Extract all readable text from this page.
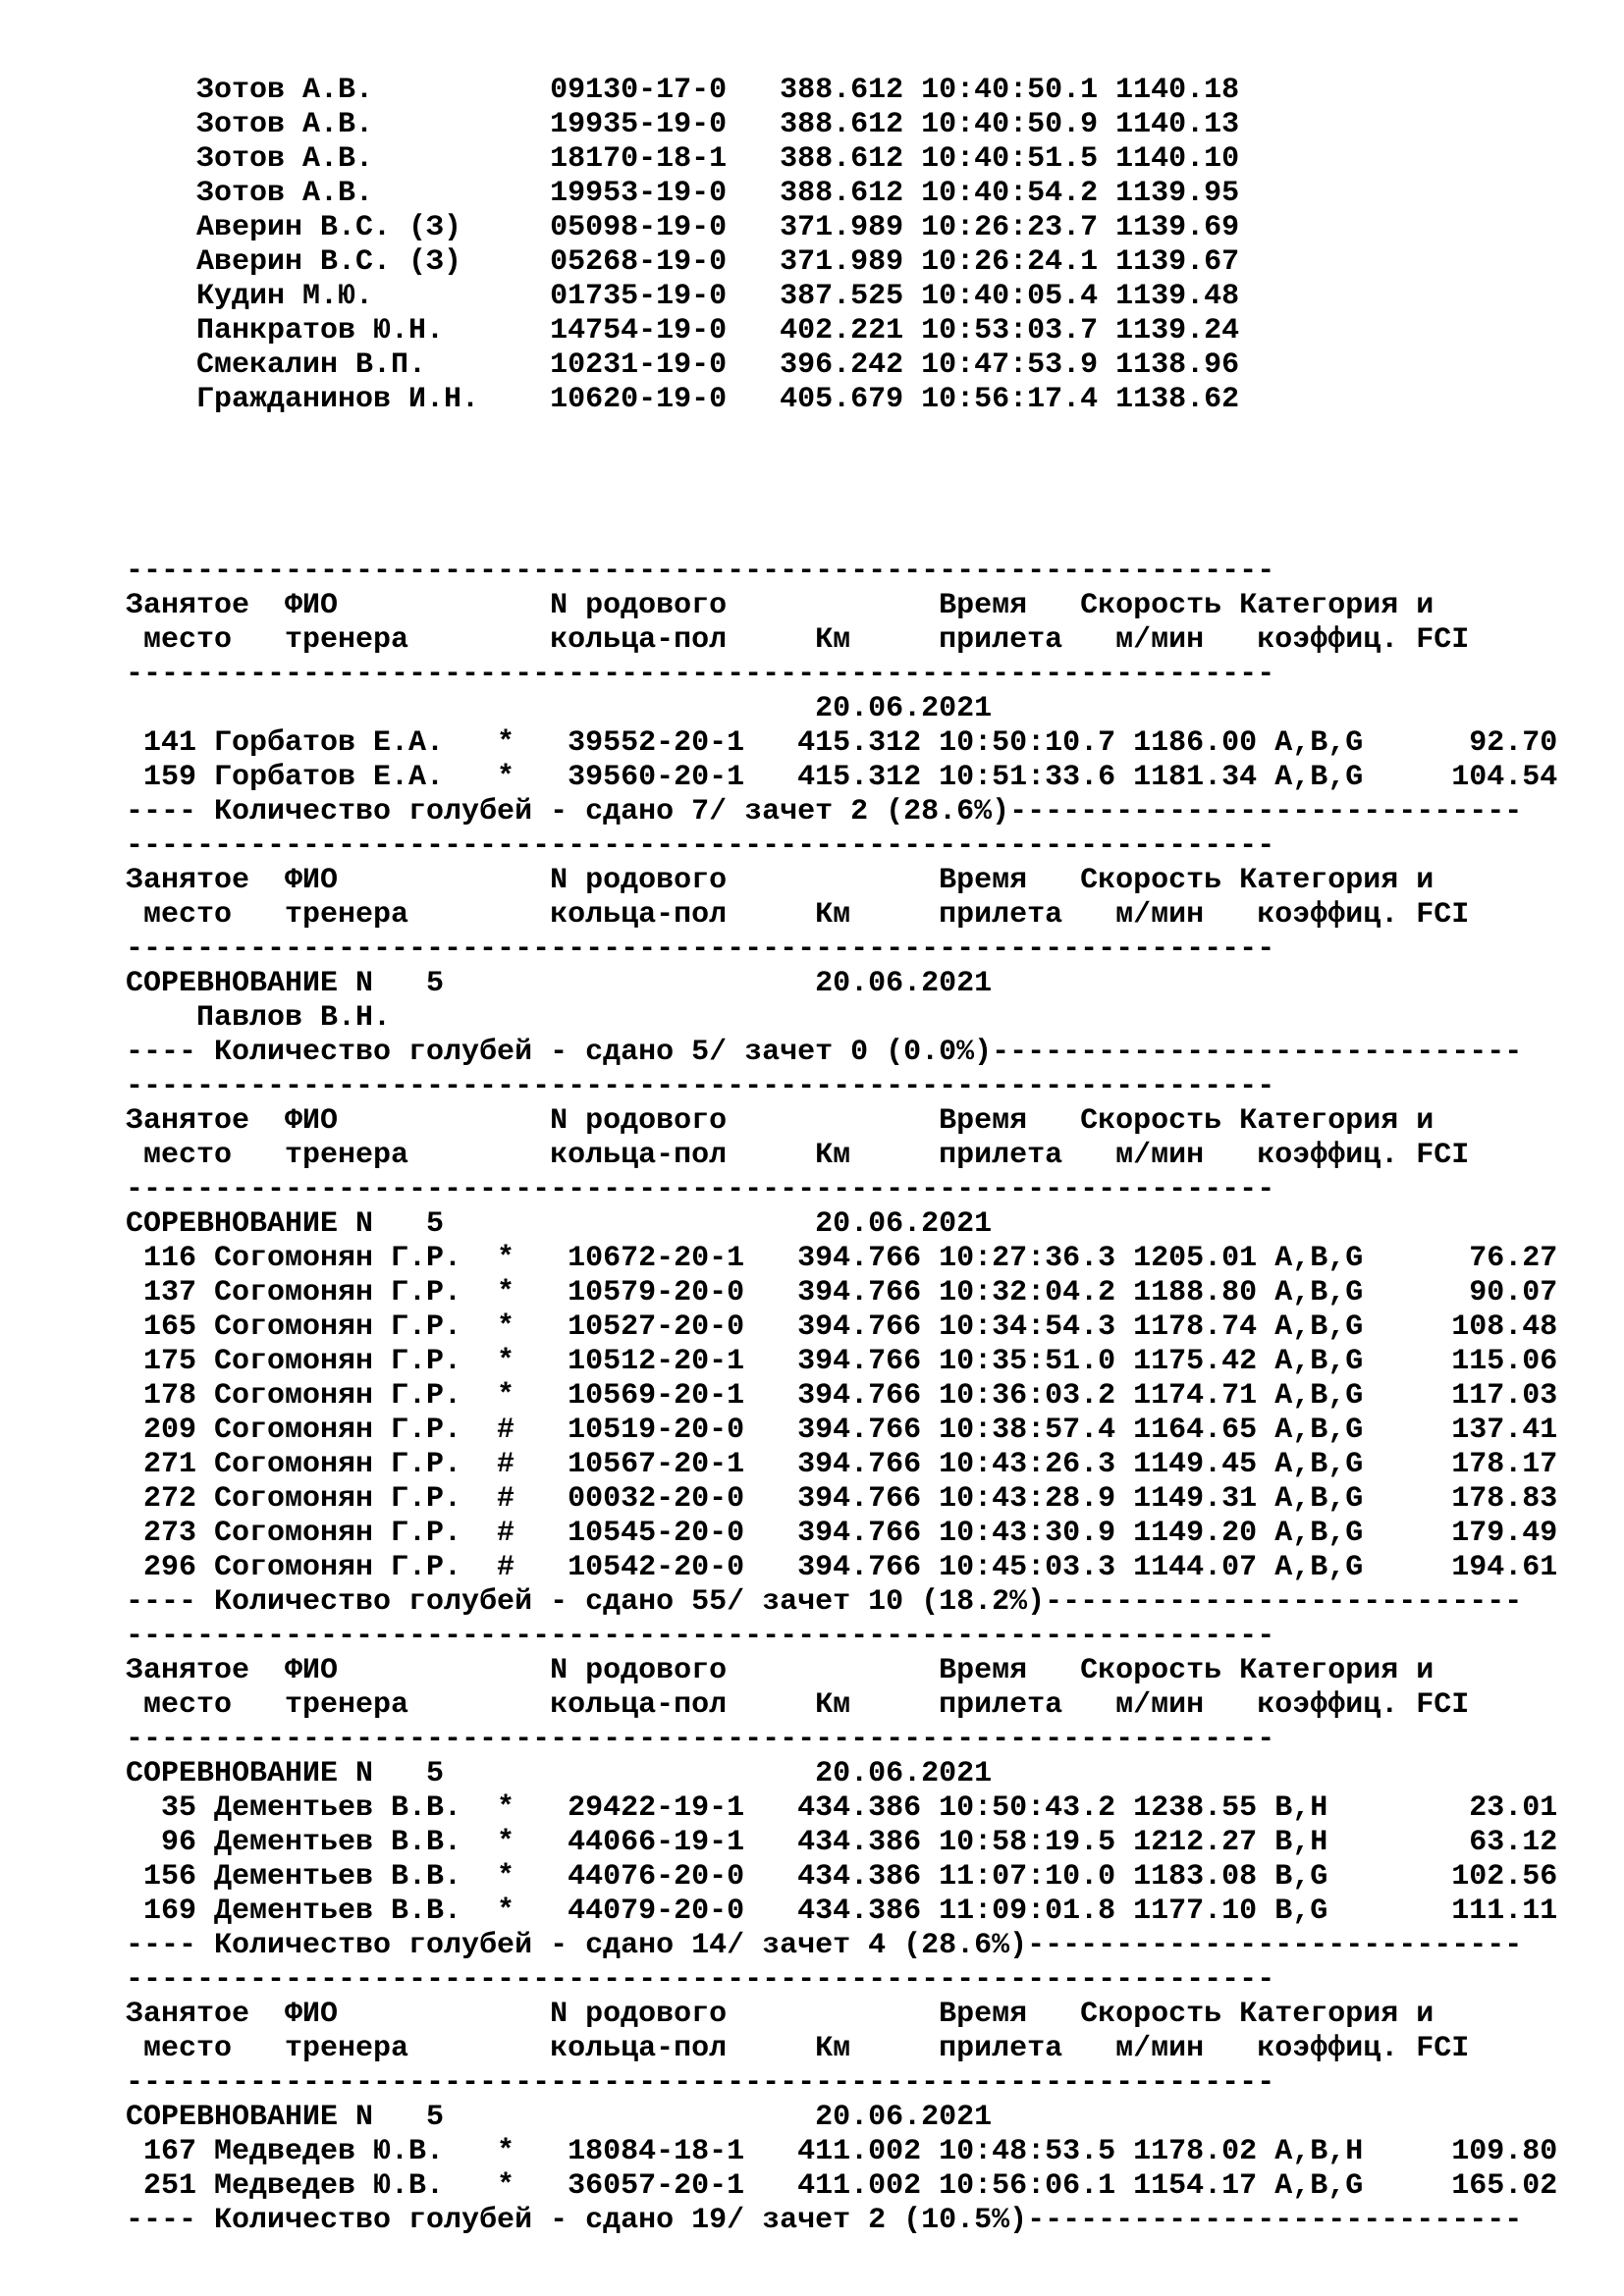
Зотов А.В.          09130-17-0   388.612 10:40:50.1 1140.18
Зотов А.В.          19935-19-0   388.612 10:40:50.9 1140.13
Зотов А.В.          18170-18-1   388.612 10:40:51.5 1140.10
Зотов А.В.          19953-19-0   388.612 10:40:54.2 1139.95
Аверин В.С. (З)     05098-19-0   371.989 10:26:23.7 1139.69
Аверин В.С. (З)     05268-19-0   371.989 10:26:24.1 1139.67
Кудин М.Ю.          01735-19-0   387.525 10:40:05.4 1139.48
Панкратов Ю.Н.      14754-19-0   402.221 10:53:03.7 1139.24
Смекалин В.П.       10231-19-0   396.242 10:47:53.9 1138.96
Гражданинов И.Н.    10620-19-0   405.679 10:56:17.4 1138.62
-----------------------------------------------------------------
Занятое  ФИО            N родового            Время   Скорость Категория и
место   тренера        кольца-пол     Км     прилета   м/мин   коэффиц. FCI
-----------------------------------------------------------------
20.06.2021
141 Горбатов Е.А.   *   39552-20-1   415.312 10:50:10.7 1186.00 A,B,G      92.70
159 Горбатов Е.А.   *   39560-20-1   415.312 10:51:33.6 1181.34 A,B,G     104.54
---- Количество голубей - сдано 7/ зачет 2 (28.6%)-----------------------------
-----------------------------------------------------------------
Занятое  ФИО            N родового            Время   Скорость Категория и
место   тренера        кольца-пол     Км     прилета   м/мин   коэффиц. FCI
-----------------------------------------------------------------
СОРЕВНОВАНИЕ N   5                     20.06.2021
Павлов В.Н.
---- Количество голубей - сдано 5/ зачет 0 (0.0%)------------------------------
-----------------------------------------------------------------
Занятое  ФИО            N родового            Время   Скорость Категория и
место   тренера        кольца-пол     Км     прилета   м/мин   коэффиц. FCI
-----------------------------------------------------------------
СОРЕВНОВАНИЕ N   5                     20.06.2021
116 Согомонян Г.Р.  *   10672-20-1   394.766 10:27:36.3 1205.01 A,B,G      76.27
137 Согомонян Г.Р.  *   10579-20-0   394.766 10:32:04.2 1188.80 A,B,G      90.07
165 Согомонян Г.Р.  *   10527-20-0   394.766 10:34:54.3 1178.74 A,B,G     108.48
175 Согомонян Г.Р.  *   10512-20-1   394.766 10:35:51.0 1175.42 A,B,G     115.06
178 Согомонян Г.Р.  *   10569-20-1   394.766 10:36:03.2 1174.71 A,B,G     117.03
209 Согомонян Г.Р.  #   10519-20-0   394.766 10:38:57.4 1164.65 A,B,G     137.41
271 Согомонян Г.Р.  #   10567-20-1   394.766 10:43:26.3 1149.45 A,B,G     178.17
272 Согомонян Г.Р.  #   00032-20-0   394.766 10:43:28.9 1149.31 A,B,G     178.83
273 Согомонян Г.Р.  #   10545-20-0   394.766 10:43:30.9 1149.20 A,B,G     179.49
296 Согомонян Г.Р.  #   10542-20-0   394.766 10:45:03.3 1144.07 A,B,G     194.61
---- Количество голубей - сдано 55/ зачет 10 (18.2%)---------------------------
-----------------------------------------------------------------
Занятое  ФИО            N родового            Время   Скорость Категория и
место   тренера        кольца-пол     Км     прилета   м/мин   коэффиц. FCI
-----------------------------------------------------------------
СОРЕВНОВАНИЕ N   5                     20.06.2021
35 Дементьев В.В.  *   29422-19-1   434.386 10:50:43.2 1238.55 B,H        23.01
96 Дементьев В.В.  *   44066-19-1   434.386 10:58:19.5 1212.27 B,H        63.12
156 Дементьев В.В.  *   44076-20-0   434.386 11:07:10.0 1183.08 B,G       102.56
169 Дементьев В.В.  *   44079-20-0   434.386 11:09:01.8 1177.10 B,G       111.11
---- Количество голубей - сдано 14/ зачет 4 (28.6%)----------------------------
-----------------------------------------------------------------
Занятое  ФИО            N родового            Время   Скорость Категория и
место   тренера        кольца-пол     Км     прилета   м/мин   коэффиц. FCI
-----------------------------------------------------------------
СОРЕВНОВАНИЕ N   5                     20.06.2021
167 Медведев Ю.В.   *   18084-18-1   411.002 10:48:53.5 1178.02 A,B,H     109.80
251 Медведев Ю.В.   *   36057-20-1   411.002 10:56:06.1 1154.17 A,B,G     165.02
---- Количество голубей - сдано 19/ зачет 2 (10.5%)----------------------------
